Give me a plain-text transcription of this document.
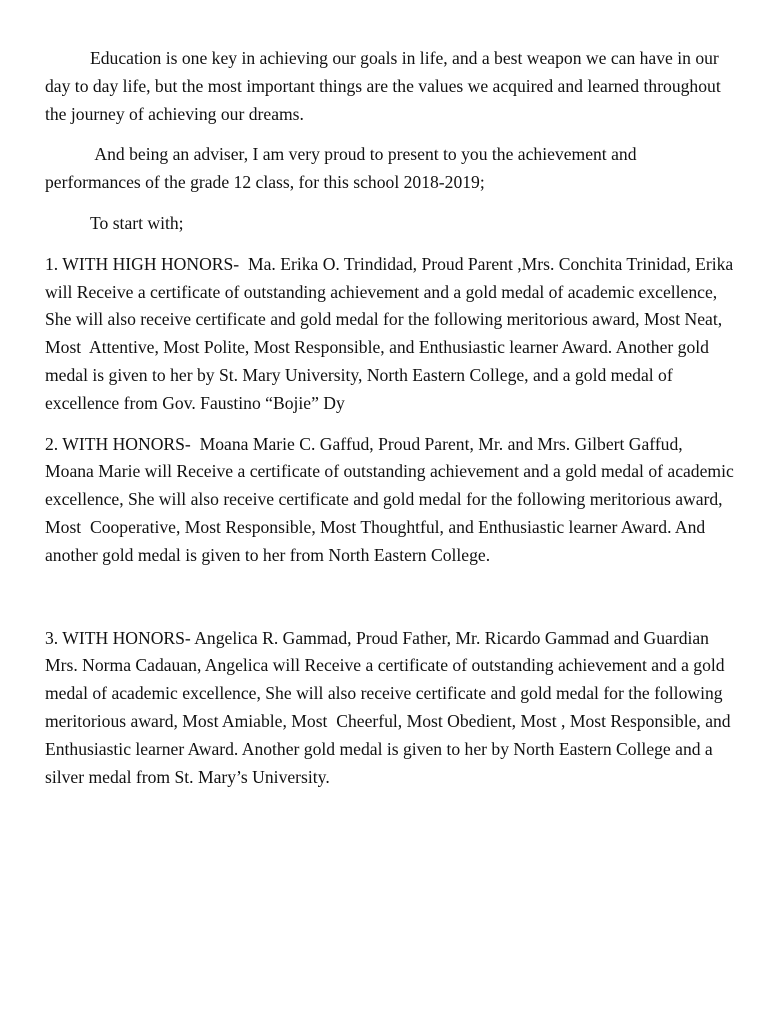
Education is one key in achieving our goals in life, and a best weapon we can have in our day to day life, but the most important things are the values we acquired and learned throughout the journey of achieving our dreams.

And being an adviser, I am very proud to present to you the achievement and performances of the grade 12 class, for this school 2018-2019;

To start with;

1. WITH HIGH HONORS-  Ma. Erika O. Trindidad, Proud Parent ,Mrs. Conchita Trinidad, Erika will Receive a certificate of outstanding achievement and a gold medal of academic excellence, She will also receive certificate and gold medal for the following meritorious award, Most Neat, Most  Attentive, Most Polite, Most Responsible, and Enthusiastic learner Award. Another gold medal is given to her by St. Mary University, North Eastern College, and a gold medal of excellence from Gov. Faustino “Bojie” Dy

2. WITH HONORS-  Moana Marie C. Gaffud, Proud Parent, Mr. and Mrs. Gilbert Gaffud, Moana Marie will Receive a certificate of outstanding achievement and a gold medal of academic excellence, She will also receive certificate and gold medal for the following meritorious award, Most  Cooperative, Most Responsible, Most Thoughtful, and Enthusiastic learner Award. And  another gold medal is given to her from North Eastern College.

3. WITH HONORS- Angelica R. Gammad, Proud Father, Mr. Ricardo Gammad and Guardian Mrs. Norma Cadauan, Angelica will Receive a certificate of outstanding achievement and a gold medal of academic excellence, She will also receive certificate and gold medal for the following meritorious award, Most Amiable, Most  Cheerful, Most Obedient, Most , Most Responsible, and Enthusiastic learner Award. Another gold medal is given to her by North Eastern College and a silver medal from St. Mary’s University.
